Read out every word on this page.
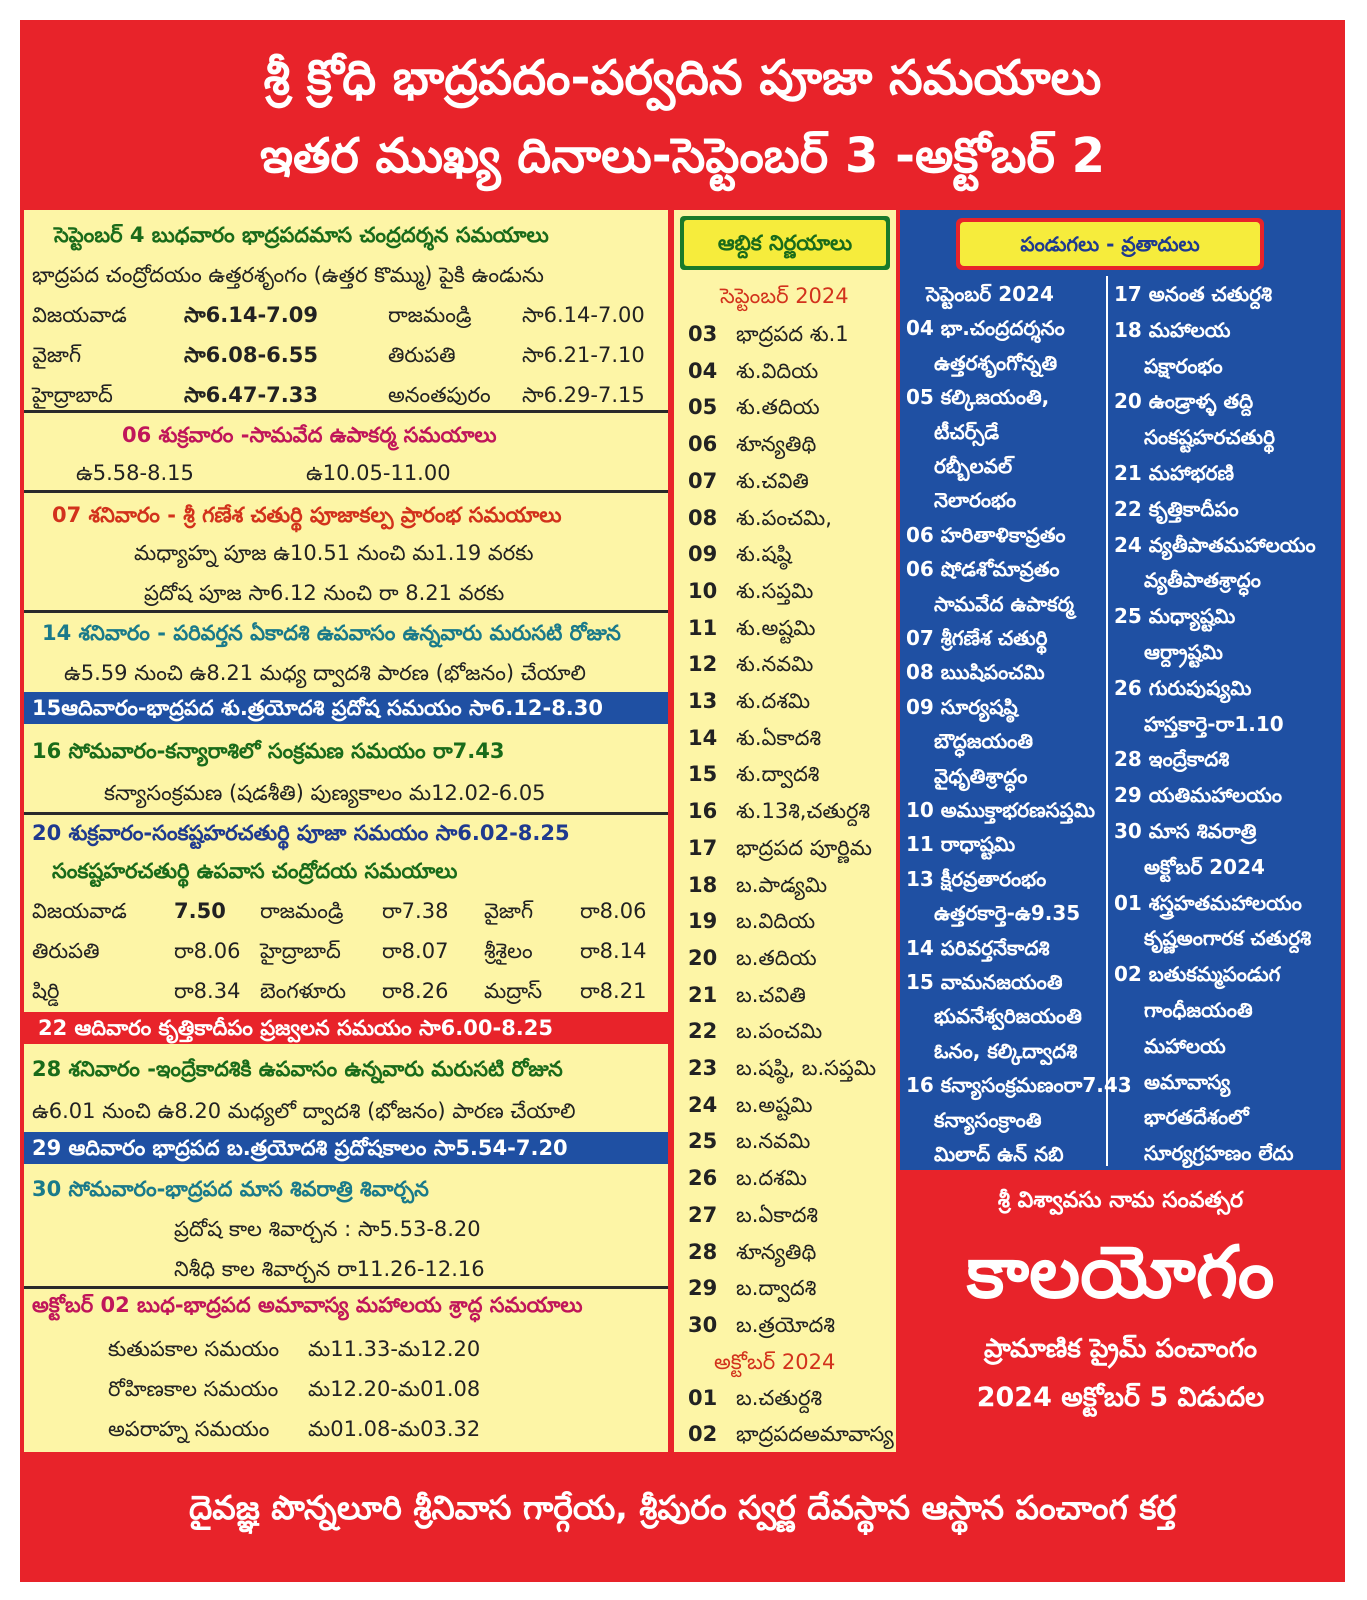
శ్రీ క్రోధి భాద్రపదం-పర్వదిన పూజా సమయాలు
ఇతర ముఖ్య దినాలు-సెప్టెంబర్ 3 -అక్టోబర్ 2
సెప్టెంబర్ 4 బుధవారం భాద్రపదమాస చంద్రదర్శన సమయాలు
భాద్రపద చంద్రోదయం ఉత్తరశృంగం (ఉత్తర కొమ్ము) పైకి ఉండును
విజయవాడ	సా6.14-7.09	రాజమండ్రి సా6.14-7.00
వైజాగ్	సా6.08-6.55	తిరుపతి	సా6.21-7.10
హైద్రాబాద్	సా6.47-7.33	అనంతపురం సా6.29-7.15
06 శుక్రవారం -సామవేద ఉపాకర్మ సమయాలు
ఉ5.58-8.15	ఉ10.05-11.00
07 శనివారం - శ్రీ గణేశ చతుర్థి పూజాకల్ప ప్రారంభ సమయాలు
మధ్యాహ్న పూజ ఉ10.51 నుంచి మ1.19 వరకు
ప్రదోష పూజ సా6.12 నుంచి రా 8.21 వరకు
14 శనివారం - పరివర్తన ఏకాదశి ఉపవాసం ఉన్నవారు మరుసటి రోజున
ఉ5.59 నుంచి ఉ8.21 మధ్య ద్వాదశి పారణ (భోజనం) చేయాలి
15ఆదివారం-భాద్రపద శు.త్రయోదశి ప్రదోష సమయం సా6.12-8.30
16 సోమవారం-కన్యారాశిలో సంక్రమణ సమయం రా7.43
కన్యాసంక్రమణ (షడశీతి) పుణ్యకాలం మ12.02-6.05
20 శుక్రవారం-సంకష్టహరచతుర్థి పూజా సమయం సా6.02-8.25
సంకష్టహరచతుర్థి ఉపవాస చంద్రోదయ సమయాలు
విజయవాడ 7.50 రాజమండ్రి రా7.38 వైజాగ్ రా8.06
తిరుపతి	రా8.06 హైద్రాబాద్ రా8.07 శ్రీశైలం రా8.14
షిర్డి	రా8.34 బెంగళూరు రా8.26 మద్రాస్ రా8.21
22 ఆదివారం కృత్తికాదీపం ప్రజ్వలన సమయం సా6.00-8.25
28 శనివారం -ఇంద్రేకాదశికి ఉపవాసం ఉన్నవారు మరుసటి రోజున
ఉ6.01 నుంచి ఉ8.20 మధ్యలో ద్వాదశి (భోజనం) పారణ చేయాలి
29 ఆదివారం భాద్రపద బ.త్రయోదశి ప్రదోషకాలం సా5.54-7.20
30 సోమవారం-భాద్రపద మాస శివరాత్రి శివార్చన
ప్రదోష కాల శివార్చన : సా5.53-8.20
నిశీధి కాల శివార్చన రా11.26-12.16
అక్టోబర్ 02 బుధ-భాద్రపద అమావాస్య మహాలయ శ్రాద్ధ సమయాలు
కుతుపకాల సమయం మ11.33-మ12.20
రోహిణకాల సమయం మ12.20-మ01.08
అపరాహ్న సమయం మ01.08-మ03.32
ఆబ్దిక నిర్ణయాలు
సెప్టెంబర్ 2024
03 భాద్రపద శు.1
04 శు.విదియ
05 శు.తదియ
06 శూన్యతిథి
07 శు.చవితి
08 శు.పంచమి,
09 శు.షష్ఠి
10 శు.సప్తమి
11 శు.అష్టమి
12 శు.నవమి
13 శు.దశమి
14 శు.ఏకాదశి
15 శు.ద్వాదశి
16 శు.13శి,చతుర్దశి
17 భాద్రపద పూర్ణిమ
18 బ.పాడ్యమి
19 బ.విదియ
20 బ.తదియ
21 బ.చవితి
22 బ.పంచమి
23 బ.షష్ఠి, బ.సప్తమి
24 బ.అష్టమి
25 బ.నవమి
26 బ.దశమి
27 బ.ఏకాదశి
28 శూన్యతిథి
29 బ.ద్వాదశి
30 బ.త్రయోదశి
అక్టోబర్ 2024
01 బ.చతుర్దశి
02 భాద్రపదఅమావాస్య
పండుగలు - వ్రతాదులు
సెప్టెంబర్ 2024
04 భా.చంద్రదర్శనం
ఉత్తరశృంగోన్నతి
05 కల్కిజయంతి,
టీచర్స్‌డే
రబ్బీలవల్
నెలారంభం
06 హరితాళికావ్రతం
06 షోడశోమావ్రతం
సామవేద ఉపాకర్మ
07 శ్రీగణేశ చతుర్థి
08 ఋషిపంచమి
09 సూర్యషష్ఠి
బౌద్ధజయంతి
వైధృతిశ్రాద్ధం
10 అముక్తాభరణసప్తమి
11 రాధాష్టమి
13 క్షీరవ్రతారంభం
ఉత్తరకార్తె-ఉ9.35
14 పరివర్తనేకాదశి
15 వామనజయంతి
భువనేశ్వరిజయంతి
ఓనం, కల్కిద్వాదశి
16 కన్యాసంక్రమణంరా7.43
కన్యాసంక్రాంతి
మిలాద్ ఉన్ నబి
17 అనంత చతుర్దశి
18 మహాలయ
పక్షారంభం
20 ఉండ్రాళ్ళ తద్ది
సంకష్టహరచతుర్థి
21 మహాభరణి
22 కృత్తికాదీపం
24 వ్యతీపాతమహాలయం
వ్యతీపాతశ్రాద్ధం
25 మధ్యాష్టమి
ఆర్ద్రాష్టమి
26 గురుపుష్యమి
హస్తకార్తె-రా1.10
28 ఇంద్రేకాదశి
29 యతిమహాలయం
30 మాస శివరాత్రి
అక్టోబర్ 2024
01 శస్త్రహతమహాలయం
కృష్ణఅంగారక చతుర్దశి
02 బతుకమ్మపండుగ
గాంధీజయంతి
మహాలయ
అమావాస్య
భారతదేశంలో
సూర్యగ్రహణం లేదు
శ్రీ విశ్వావసు నామ సంవత్సర
కాలయోగం
ప్రామాణిక ప్రైమ్ పంచాంగం
2024 అక్టోబర్ 5 విడుదల
దైవజ్ఞ పొన్నలూరి శ్రీనివాస గార్గేయ, శ్రీపురం స్వర్ణ దేవస్థాన ఆస్థాన పంచాంగ కర్త
